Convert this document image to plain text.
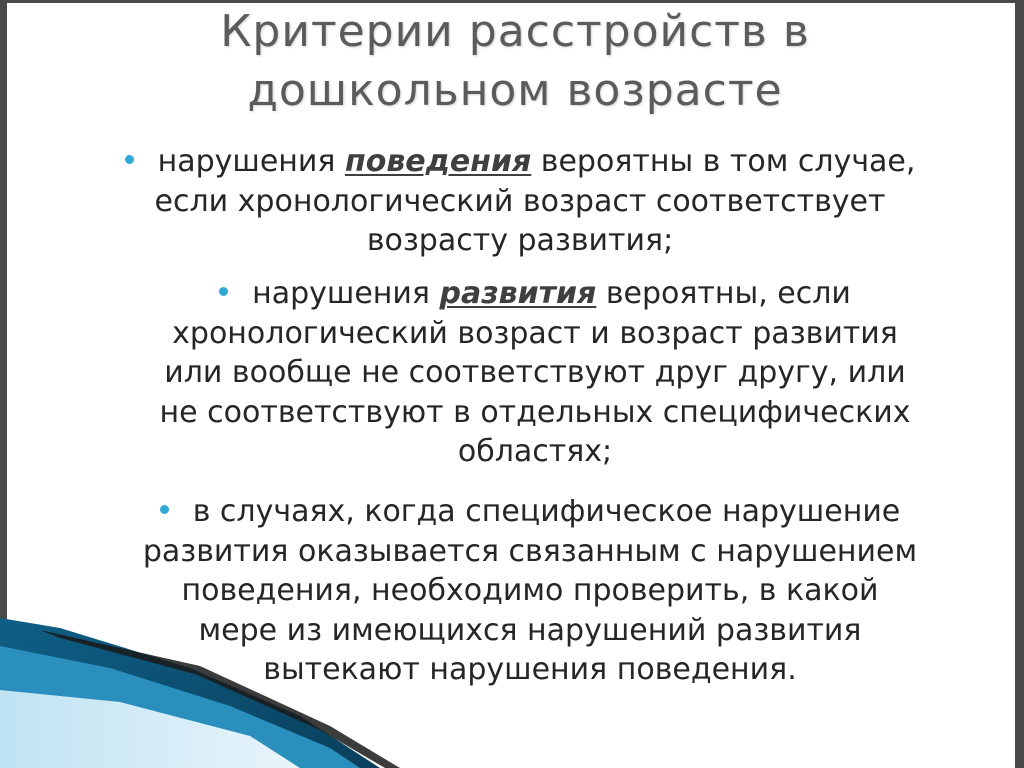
Критерии расстройств в
дошкольном возрасте
нарушения поведения вероятны в том случае,
если хронологический возраст соответствует
возрасту развития;
нарушения развития вероятны, если
хронологический возраст и возраст развития
или вообще не соответствуют друг другу, или
не соответствуют в отдельных специфических
областях;
в случаях, когда специфическое нарушение
развития оказывается связанным с нарушением
поведения, необходимо проверить, в какой
мере из имеющихся нарушений развития
вытекают нарушения поведения.
